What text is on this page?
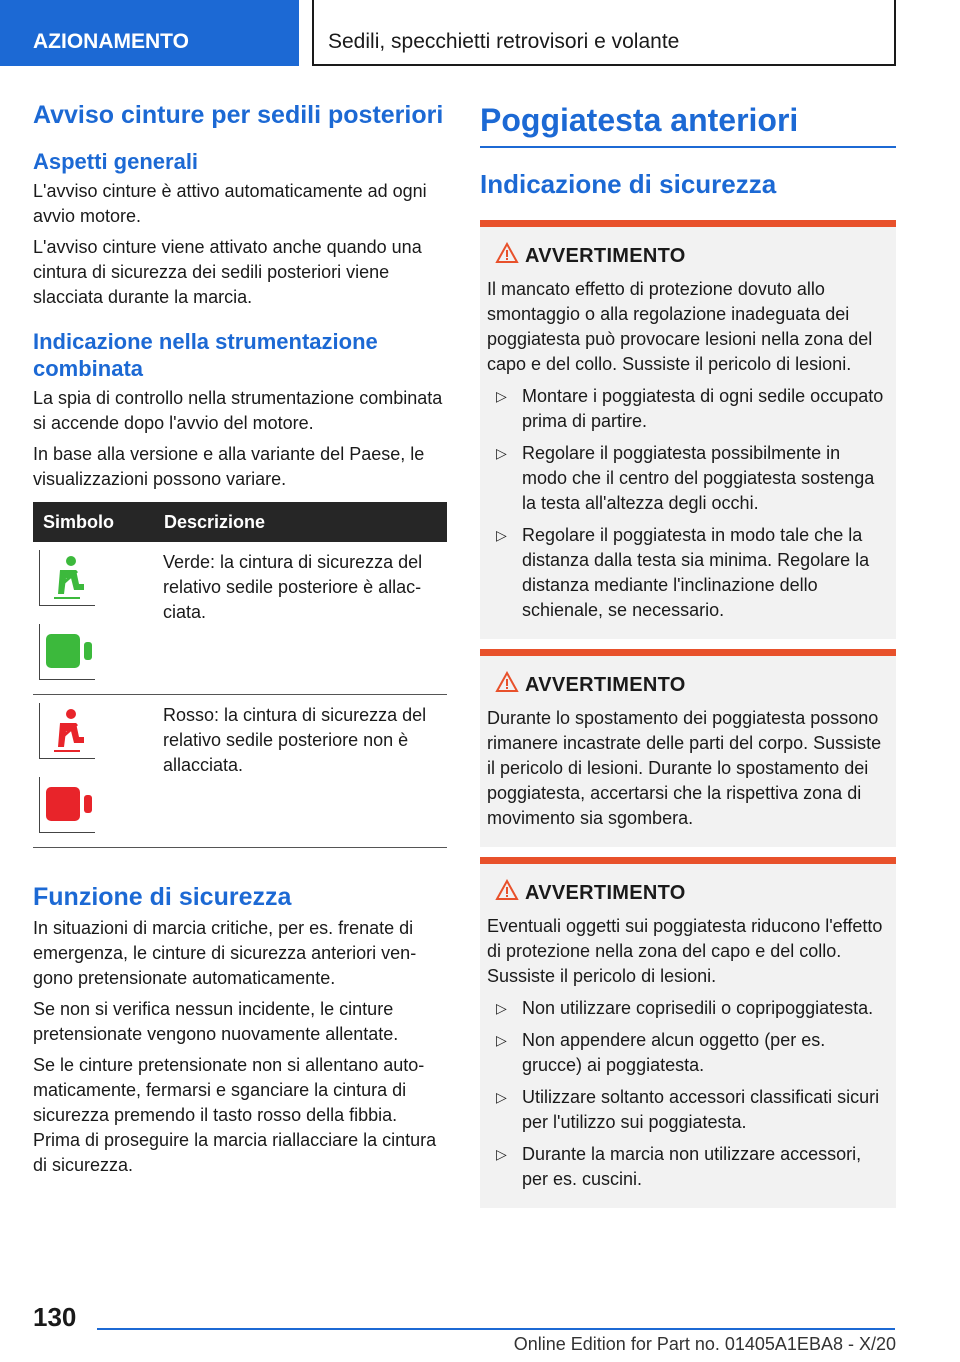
AZIONAMENTO	Sedili, specchietti retrovisori e volante
Avviso cinture per sedili posteriori
Aspetti generali

L'avviso cinture è attivo automaticamente ad ogni avvio motore.

L'avviso cinture viene attivato anche quando una cintura di sicurezza dei sedili posteriori viene slacciata durante la marcia.

Indicazione nella strumentazione combinata

La spia di controllo nella strumentazione combinata si accende dopo l'avvio del motore.

In base alla versione e alla variante del Paese, le visualizzazioni possono variare.

Simbolo	Descrizione

	Verde: la cintura di sicurezza del relativo sedile posteriore è allacciata.

	Rosso: la cintura di sicurezza del relativo sedile posteriore non è allacciata.
Funzione di sicurezza

In situazioni di marcia critiche, per es. frenate di emergenza, le cinture di sicurezza anteriori vengono pretensionate automaticamente.

Se non si verifica nessun incidente, le cinture pretensionate vengono nuovamente allentate.

Se le cinture pretensionate non si allentano automaticamente, fermarsi e sganciare la cintura di sicurezza premendo il tasto rosso della fibbia. Prima di proseguire la marcia riallacciare la cintura di sicurezza.

Poggiatesta anteriori
Indicazione di sicurezza
AVVERTIMENTO

Il mancato effetto di protezione dovuto allo smontaggio o alla regolazione inadeguata dei poggiatesta può provocare lesioni nella zona del capo e del collo. Sussiste il pericolo di lesioni.

▷ Montare i poggiatesta di ogni sedile occupato prima di partire.
▷ Regolare il poggiatesta possibilmente in modo che il centro del poggiatesta sostenga la testa all'altezza degli occhi.
▷ Regolare il poggiatesta in modo tale che la distanza dalla testa sia minima. Regolare la distanza mediante l'inclinazione dello schienale, se necessario.
AVVERTIMENTO

Durante lo spostamento dei poggiatesta possono rimanere incastrate delle parti del corpo. Sussiste il pericolo di lesioni. Durante lo spostamento dei poggiatesta, accertarsi che la rispettiva zona di movimento sia sgombera.

AVVERTIMENTO

Eventuali oggetti sui poggiatesta riducono l'effetto di protezione nella zona del capo e del collo. Sussiste il pericolo di lesioni.

▷ Non utilizzare coprisedili o copripoggiatesta.
▷ Non appendere alcun oggetto (per es. grucce) ai poggiatesta.
▷ Utilizzare soltanto accessori classificati sicuri per l'utilizzo sui poggiatesta.
▷ Durante la marcia non utilizzare accessori, per es. cuscini.
130
Online Edition for Part no. 01405A1EBA8 - X/20
